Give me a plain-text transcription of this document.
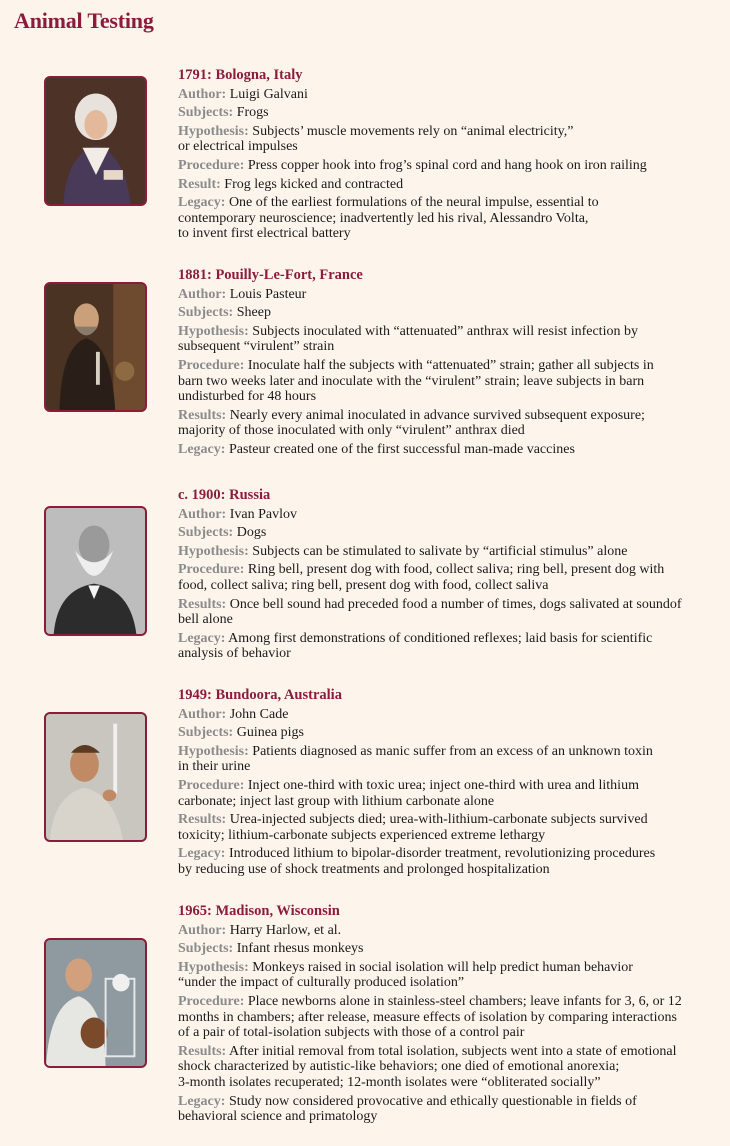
Animal Testing
1791: Bologna, Italy
Author: Luigi Galvani
Subjects: Frogs
Hypothesis: Subjects’ muscle movements rely on “animal electricity,”
or electrical impulses
Procedure: Press copper hook into frog’s spinal cord and hang hook on iron railing
Result: Frog legs kicked and contracted
Legacy: One of the earliest formulations of the neural impulse, essential to
contemporary neuroscience; inadvertently led his rival, Alessandro Volta,
to invent first electrical battery
1881: Pouilly-Le-Fort, France
Author: Louis Pasteur
Subjects: Sheep
Hypothesis: Subjects inoculated with “attenuated” anthrax will resist infection by
subsequent “virulent” strain
Procedure: Inoculate half the subjects with “attenuated” strain; gather all subjects in
barn two weeks later and inoculate with the “virulent” strain; leave subjects in barn
undisturbed for 48 hours
Results: Nearly every animal inoculated in advance survived subsequent exposure;
majority of those inoculated with only “virulent” anthrax died
Legacy: Pasteur created one of the first successful man-made vaccines
c. 1900: Russia
Author: Ivan Pavlov
Subjects: Dogs
Hypothesis: Subjects can be stimulated to salivate by “artificial stimulus” alone
Procedure: Ring bell, present dog with food, collect saliva; ring bell, present dog with
food, collect saliva; ring bell, present dog with food, collect saliva
Results: Once bell sound had preceded food a number of times, dogs salivated at soundof
bell alone
Legacy: Among first demonstrations of conditioned reflexes; laid basis for scientific
analysis of behavior
1949: Bundoora, Australia
Author: John Cade
Subjects: Guinea pigs
Hypothesis: Patients diagnosed as manic suffer from an excess of an unknown toxin
in their urine
Procedure: Inject one-third with toxic urea; inject one-third with urea and lithium
carbonate; inject last group with lithium carbonate alone
Results: Urea-injected subjects died; urea-with-lithium-carbonate subjects survived
toxicity; lithium-carbonate subjects experienced extreme lethargy
Legacy: Introduced lithium to bipolar-disorder treatment, revolutionizing procedures
by reducing use of shock treatments and prolonged hospitalization
1965: Madison, Wisconsin
Author: Harry Harlow, et al.
Subjects: Infant rhesus monkeys
Hypothesis: Monkeys raised in social isolation will help predict human behavior
“under the impact of culturally produced isolation”
Procedure: Place newborns alone in stainless-steel chambers; leave infants for 3, 6, or 12
months in chambers; after release, measure effects of isolation by comparing interactions
of a pair of total-isolation subjects with those of a control pair
Results: After initial removal from total isolation, subjects went into a state of emotional
shock characterized by autistic-like behaviors; one died of emotional anorexia;
3-month isolates recuperated; 12-month isolates were “obliterated socially”
Legacy: Study now considered provocative and ethically questionable in fields of
behavioral science and primatology
